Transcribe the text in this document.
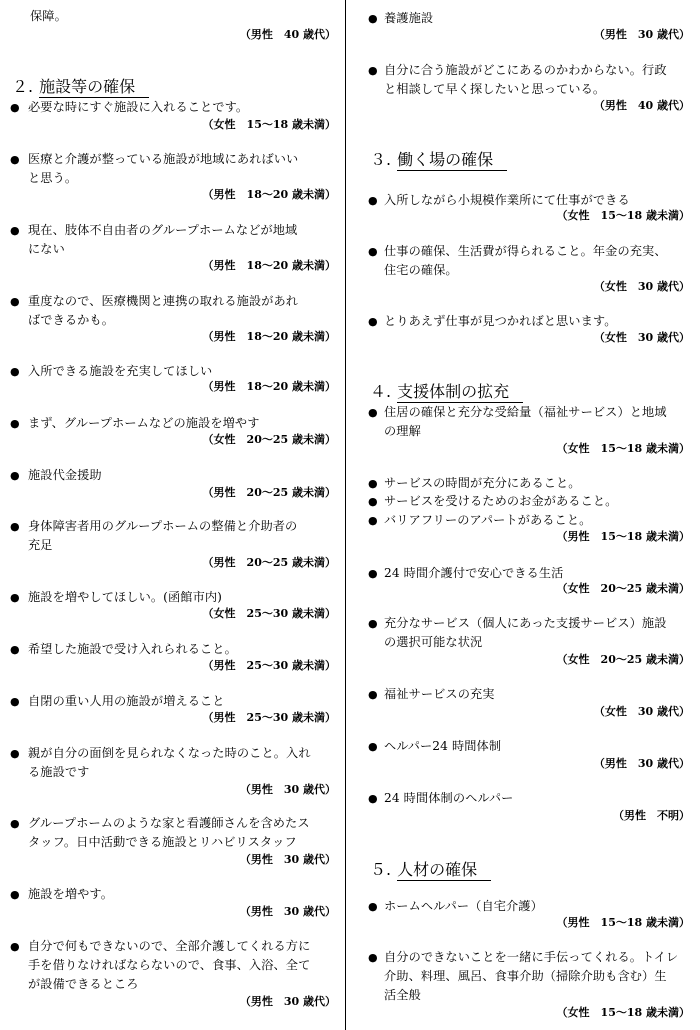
保障。
（男性　40 歳代）
２. 施設等の確保
● 必要な時にすぐ施設に入れることです。
（女性　15～18 歳未満）
● 医療と介護が整っている施設が地域にあればいい
と思う。
（男性　18～20 歳未満）
● 現在、肢体不自由者のグループホームなどが地域
にない
（男性　18～20 歳未満）
● 重度なので、医療機関と連携の取れる施設があれ
ばできるかも。
（男性　18～20 歳未満）
● 入所できる施設を充実してほしい
（男性　18～20 歳未満）
● まず、グループホームなどの施設を増やす
（女性　20～25 歳未満）
● 施設代金援助
（男性　20～25 歳未満）
● 身体障害者用のグループホームの整備と介助者の
充足
（男性　20～25 歳未満）
● 施設を増やしてほしい。(函館市内)
（女性　25～30 歳未満）
● 希望した施設で受け入れられること。
（男性　25～30 歳未満）
● 自閉の重い人用の施設が増えること
（男性　25～30 歳未満）
● 親が自分の面倒を見られなくなった時のこと。入れ
る施設です
（男性　30 歳代）
● グループホームのような家と看護師さんを含めたス
タッフ。日中活動できる施設とリハビリスタッフ
（男性　30 歳代）
● 施設を増やす。
（男性　30 歳代）
● 自分で何もできないので、全部介護してくれる方に
手を借りなければならないので、食事、入浴、全て
が設備できるところ
（男性　30 歳代）
● 養護施設
（男性　30 歳代）
● 自分に合う施設がどこにあるのかわからない。行政
と相談して早く探したいと思っている。
（男性　40 歳代）
３. 働く場の確保
● 入所しながら小規模作業所にて仕事ができる
（女性　15～18 歳未満）
● 仕事の確保、生活費が得られること。年金の充実、
住宅の確保。
（女性　30 歳代）
● とりあえず仕事が見つかればと思います。
（女性　30 歳代）
４. 支援体制の拡充
● 住居の確保と充分な受給量（福祉サービス）と地域
の理解
（女性　15～18 歳未満）
● サービスの時間が充分にあること。
● サービスを受けるためのお金があること。
● バリアフリーのアパートがあること。
（男性　15～18 歳未満）
● 24 時間介護付で安心できる生活
（女性　20～25 歳未満）
● 充分なサービス（個人にあった支援サービス）施設
の選択可能な状況
（女性　20～25 歳未満）
● 福祉サービスの充実
（女性　30 歳代）
● ヘルパー24 時間体制
（男性　30 歳代）
● 24 時間体制のヘルパー
（男性　不明）
５. 人材の確保
● ホームヘルパー（自宅介護）
（男性　15～18 歳未満）
● 自分のできないことを一緒に手伝ってくれる。トイレ
介助、料理、風呂、食事介助（掃除介助も含む）生
活全般
（女性　15～18 歳未満）
